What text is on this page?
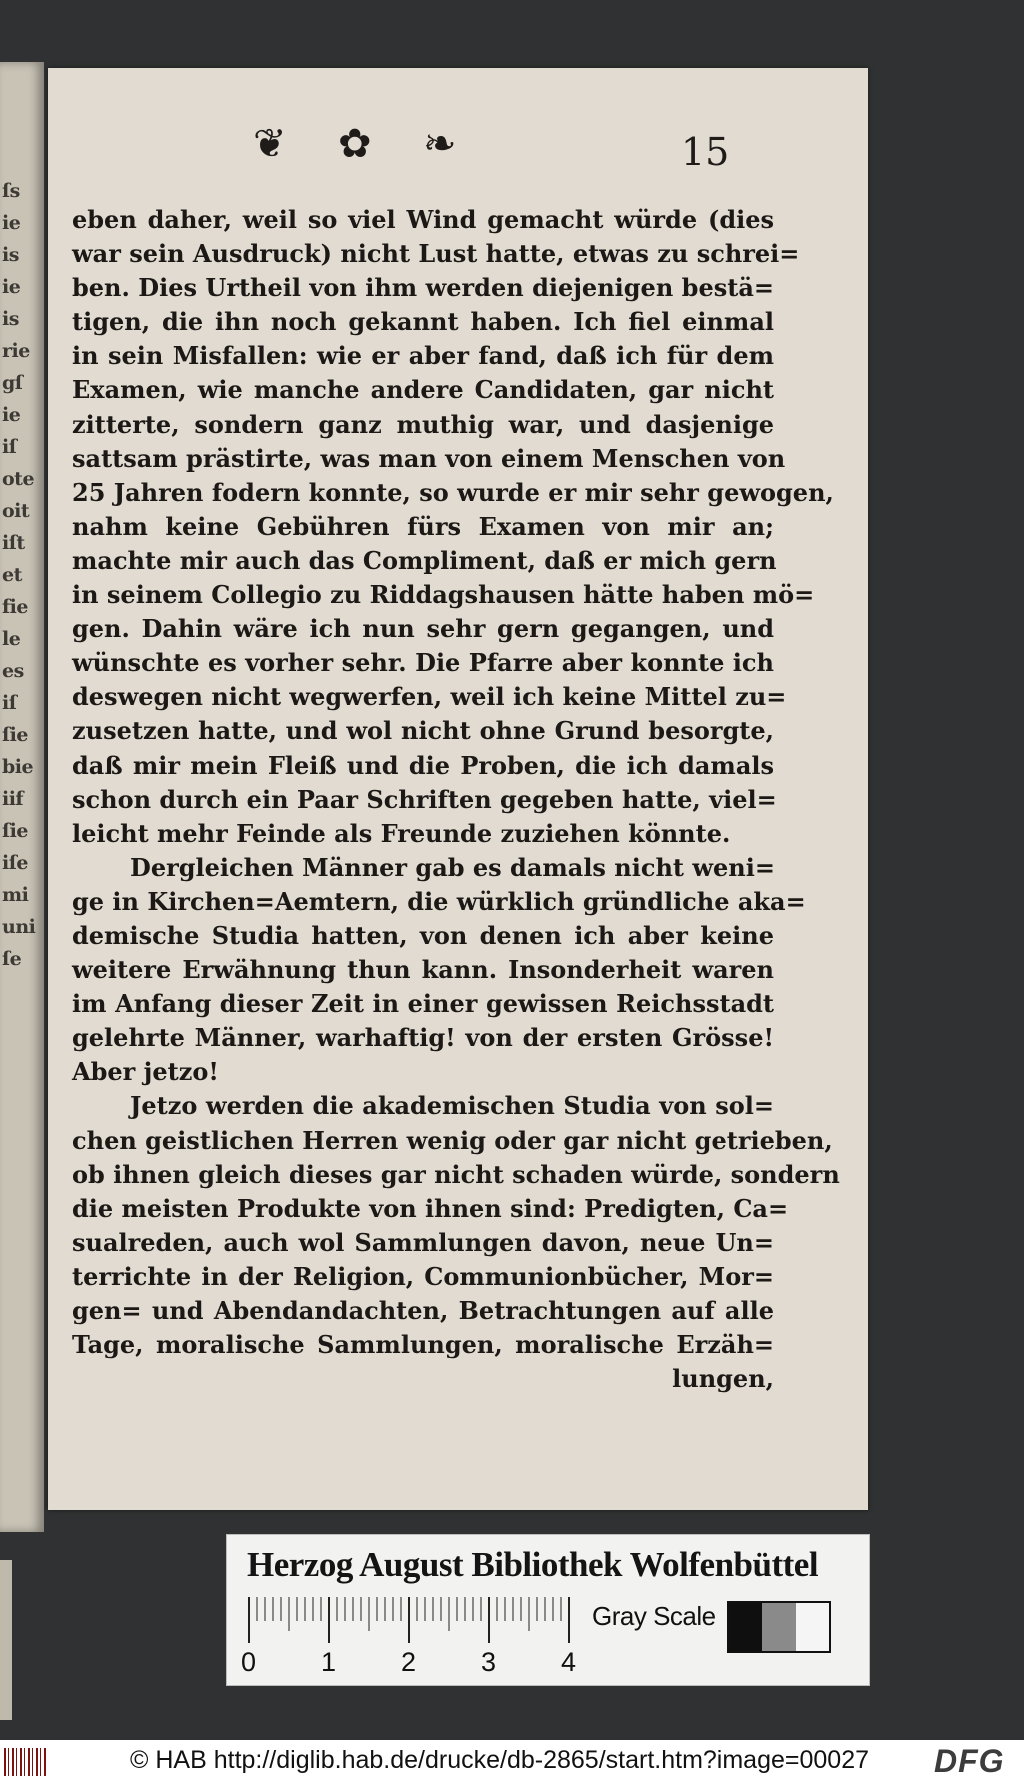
ſs
ie
is
ie
is
rie
gſ
ie
iſ
ote
oit
iſt
et
fie
le
es
iſ
ſie
bie
iif
ſie
iſe
mi
uni
ſe
❦ ✿ ❧	15
eben daher, weil so viel Wind gemacht würde (dies
war sein Ausdruck) nicht Lust hatte, etwas zu schrei=
ben. Dies Urtheil von ihm werden diejenigen bestä=
tigen, die ihn noch gekannt haben. Ich fiel einmal
in sein Misfallen: wie er aber fand, daß ich für dem
Examen, wie manche andere Candidaten, gar nicht
zitterte, sondern ganz muthig war, und dasjenige
sattsam prästirte, was man von einem Menschen von
25 Jahren fodern konnte, so wurde er mir sehr gewogen,
nahm keine Gebühren fürs Examen von mir an;
machte mir auch das Compliment, daß er mich gern
in seinem Collegio zu Riddagshausen hätte haben mö=
gen. Dahin wäre ich nun sehr gern gegangen, und
wünschte es vorher sehr. Die Pfarre aber konnte ich
deswegen nicht wegwerfen, weil ich keine Mittel zu=
zusetzen hatte, und wol nicht ohne Grund besorgte,
daß mir mein Fleiß und die Proben, die ich damals
schon durch ein Paar Schriften gegeben hatte, viel=
leicht mehr Feinde als Freunde zuziehen könnte.
Dergleichen Männer gab es damals nicht weni=
ge in Kirchen=Aemtern, die würklich gründliche aka=
demische Studia hatten, von denen ich aber keine
weitere Erwähnung thun kann. Insonderheit waren
im Anfang dieser Zeit in einer gewissen Reichsstadt
gelehrte Männer, warhaftig! von der ersten Grösse!
Aber jetzo!
Jetzo werden die akademischen Studia von sol=
chen geistlichen Herren wenig oder gar nicht getrieben,
ob ihnen gleich dieses gar nicht schaden würde, sondern
die meisten Produkte von ihnen sind: Predigten, Ca=
sualreden, auch wol Sammlungen davon, neue Un=
terrichte in der Religion, Communionbücher, Mor=
gen= und Abendandachten, Betrachtungen auf alle
Tage, moralische Sammlungen, moralische Erzäh=
lungen,
Herzog August Bibliothek Wolfenbüttel
Gray Scale
0 1 2 3 4
© HAB http://diglib.hab.de/drucke/db-2865/start.htm?image=00027 DFG
